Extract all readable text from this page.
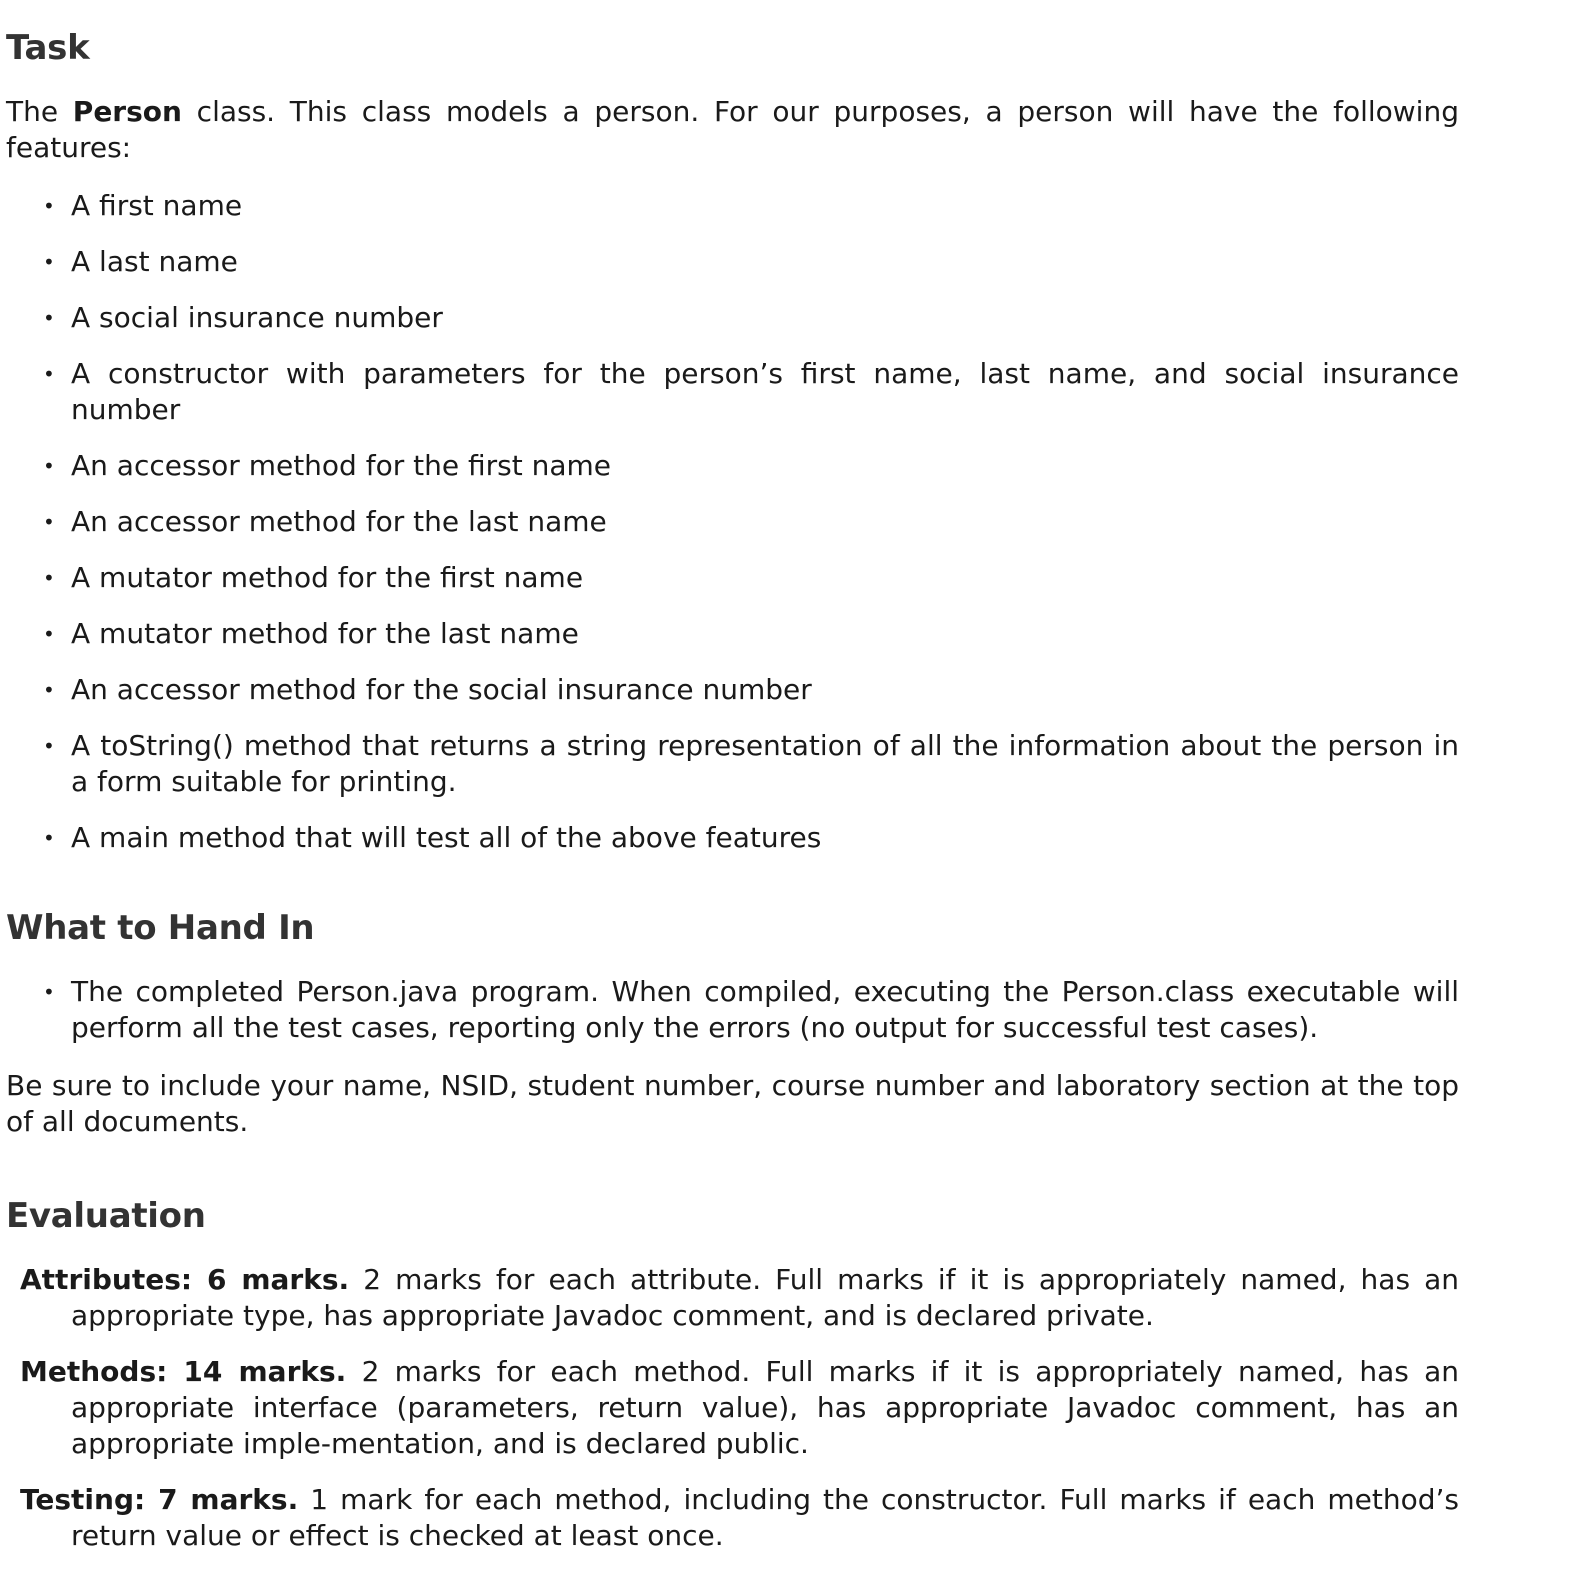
Task

The Person class. This class models a person. For our purposes, a person will have the following features:

• A first name
• A last name
• A social insurance number
• A constructor with parameters for the person’s first name, last name, and social insurance number
• An accessor method for the first name
• An accessor method for the last name
• A mutator method for the first name
• A mutator method for the last name
• An accessor method for the social insurance number
• A toString() method that returns a string representation of all the information about the person in a form suitable for printing.
• A main method that will test all of the above features
What to Hand In
• The completed Person.java program. When compiled, executing the Person.class executable will perform all the test cases, reporting only the errors (no output for successful test cases).

Be sure to include your name, NSID, student number, course number and laboratory section at the top of all documents.

Evaluation
Attributes: 6 marks. 2 marks for each attribute. Full marks if it is appropriately named, has an appropriate type, has appropriate Javadoc comment, and is declared private.
Methods: 14 marks. 2 marks for each method. Full marks if it is appropriately named, has an appropriate interface (parameters, return value), has appropriate Javadoc comment, has an appropriate imple-mentation, and is declared public.
Testing: 7 marks. 1 mark for each method, including the constructor. Full marks if each method’s return value or effect is checked at least once.
